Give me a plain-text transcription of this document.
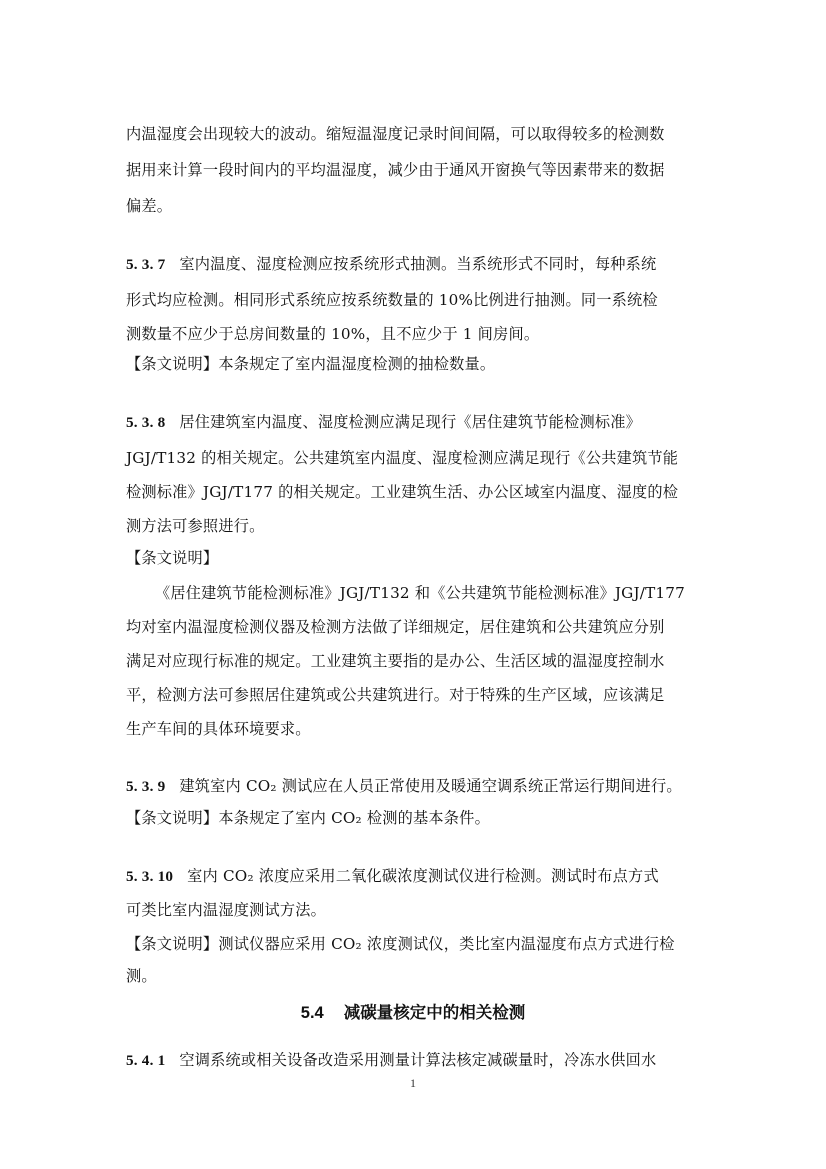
内温湿度会出现较大的波动。缩短温湿度记录时间间隔，可以取得较多的检测数
据用来计算一段时间内的平均温湿度，减少由于通风开窗换气等因素带来的数据
偏差。
5. 3. 7 室内温度、湿度检测应按系统形式抽测。当系统形式不同时，每种系统
形式均应检测。相同形式系统应按系统数量的 10%比例进行抽测。同一系统检
测数量不应少于总房间数量的 10%，且不应少于 1 间房间。
【条文说明】本条规定了室内温湿度检测的抽检数量。
5. 3. 8 居住建筑室内温度、湿度检测应满足现行《居住建筑节能检测标准》
JGJ/T132 的相关规定。公共建筑室内温度、湿度检测应满足现行《公共建筑节能
检测标准》JGJ/T177 的相关规定。工业建筑生活、办公区域室内温度、湿度的检
测方法可参照进行。
【条文说明】
《居住建筑节能检测标准》JGJ/T132 和《公共建筑节能检测标准》JGJ/T177
均对室内温湿度检测仪器及检测方法做了详细规定，居住建筑和公共建筑应分别
满足对应现行标准的规定。工业建筑主要指的是办公、生活区域的温湿度控制水
平，检测方法可参照居住建筑或公共建筑进行。对于特殊的生产区域，应该满足
生产车间的具体环境要求。
5. 3. 9 建筑室内 CO₂ 测试应在人员正常使用及暖通空调系统正常运行期间进行。
【条文说明】本条规定了室内 CO₂ 检测的基本条件。
5. 3. 10 室内 CO₂ 浓度应采用二氧化碳浓度测试仪进行检测。测试时布点方式
可类比室内温湿度测试方法。
【条文说明】测试仪器应采用 CO₂ 浓度测试仪，类比室内温湿度布点方式进行检
测。
5.4 减碳量核定中的相关检测
5. 4. 1 空调系统或相关设备改造采用测量计算法核定减碳量时，冷冻水供回水
1
